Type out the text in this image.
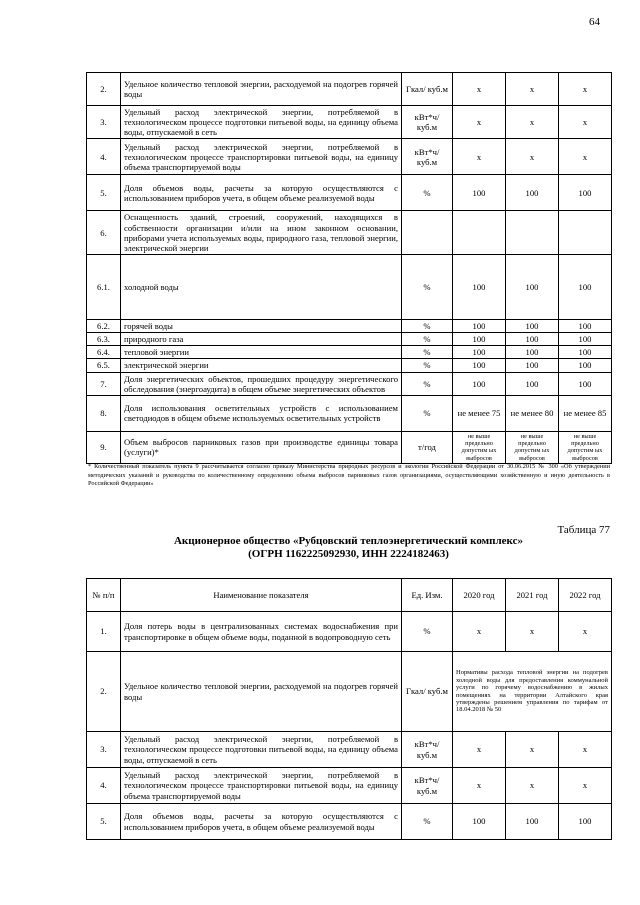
64
2.	Удельное количество тепловой энергии, расходуемой на подогрев горячей воды	Гкал/ куб.м	х	х	х
3.	Удельный расход электрической энергии, потребляемой в технологическом процессе подготовки питьевой воды, на единицу объема воды, отпускаемой в сеть	кВт*ч/ куб.м	х	х	х
4.	Удельный расход электрической энергии, потребляемой в технологическом процессе транспортировки питьевой воды, на единицу объема транспортируемой воды	кВт*ч/ куб.м	х	х	х
5.	Доля объемов воды, расчеты за которую осуществляются с использованием приборов учета, в общем объеме реализуемой воды	%	100	100	100
6.	Оснащенность зданий, строений, сооружений, находящихся в собственности организации и/или на ином законном основании, приборами учета используемых воды, природного газа, тепловой энергии, электрической энергии				
6.1.	холодной воды	%	100	100	100
6.2.	горячей воды	%	100	100	100
6.3.	природного газа	%	100	100	100
6.4.	тепловой энергии	%	100	100	100
6.5.	электрической энергии	%	100	100	100
7.	Доля энергетических объектов, прошедших процедуру энергетического обследования (энергоаудита) в общем объеме энергетических объектов	%	100	100	100
8.	Доля использования осветительных устройств с использованием светодиодов в общем объеме используемых осветительных устройств	%	не менее 75	не менее 80	не менее 85
9.	Объем выбросов парниковых газов при производстве единицы товара (услуги)*	т/год	не выше предельно допустим ых выбросов	не выше предельно допустим ых выбросов	не выше предельно допустим ых выбросов
* Количественный показатель пункта 9 рассчитывается согласно приказу Министерства природных ресурсов и экологии Российской Федерации от 30.06.2015 № 300 «Об утверждении методических указаний и руководства по количественному определению объема выбросов парниковых газов организациями, осуществляющими хозяйственную и иную деятельность в Российской Федерации»
Таблица 77
Акционерное общество «Рубцовский теплоэнергетический комплекс»
(ОГРН 1162225092930, ИНН 2224182463)
№ п/п	Наименование показателя	Ед. Изм.	2020 год	2021 год	2022 год
1.	Доля потерь воды в централизованных системах водоснабжения при транспортировке в общем объеме воды, поданной в водопроводную сеть	%	х	х	х
2.	Удельное количество тепловой энергии, расходуемой на подогрев горячей воды	Гкал/ куб.м	Нормативы расхода тепловой энергии на подогрев холодной воды для предоставления коммунальной услуги по горячему водоснабжению в жилых помещениях на территории Алтайского края утверждены решением управления по тарифам от 18.04.2018 № 50		
3.	Удельный расход электрической энергии, потребляемой в технологическом процессе подготовки питьевой воды, на единицу объема воды, отпускаемой в сеть	кВт*ч/ куб.м	х	х	х
4.	Удельный расход электрической энергии, потребляемой в технологическом процессе транспортировки питьевой воды, на единицу объема транспортируемой воды	кВт*ч/ куб.м	х	х	х
5.	Доля объемов воды, расчеты за которую осуществляются с использованием приборов учета, в общем объеме реализуемой воды	%	100	100	100
